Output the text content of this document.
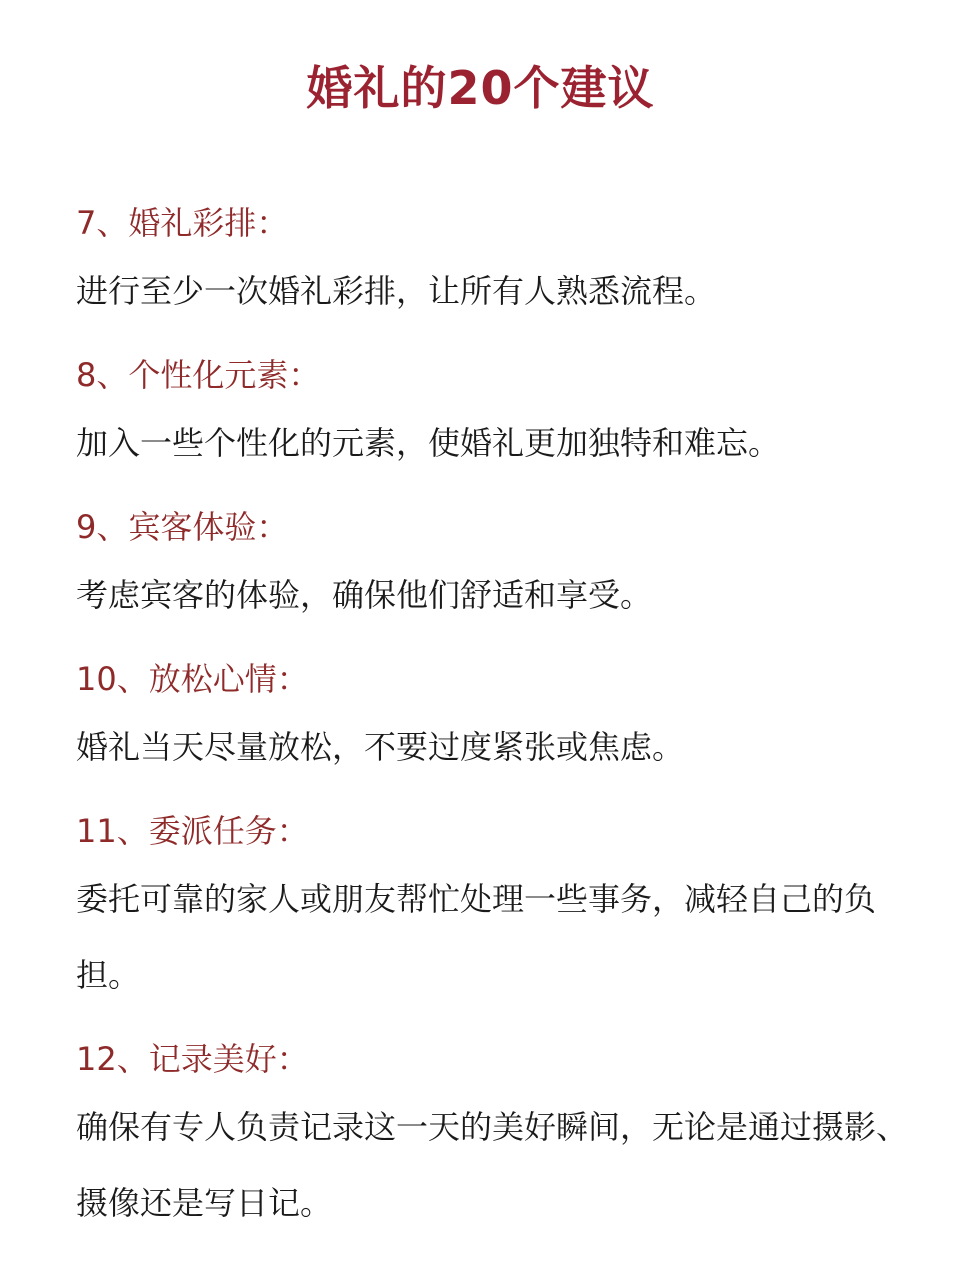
婚礼的20个建议

7、婚礼彩排：

进行至少一次婚礼彩排，让所有人熟悉流程。

8、个性化元素：

加入一些个性化的元素，使婚礼更加独特和难忘。

9、宾客体验：

考虑宾客的体验，确保他们舒适和享受。

10、放松心情：

婚礼当天尽量放松，不要过度紧张或焦虑。

11、委派任务：

委托可靠的家人或朋友帮忙处理一些事务，减轻自己的负担。

12、记录美好：

确保有专人负责记录这一天的美好瞬间，无论是通过摄影、摄像还是写日记。
